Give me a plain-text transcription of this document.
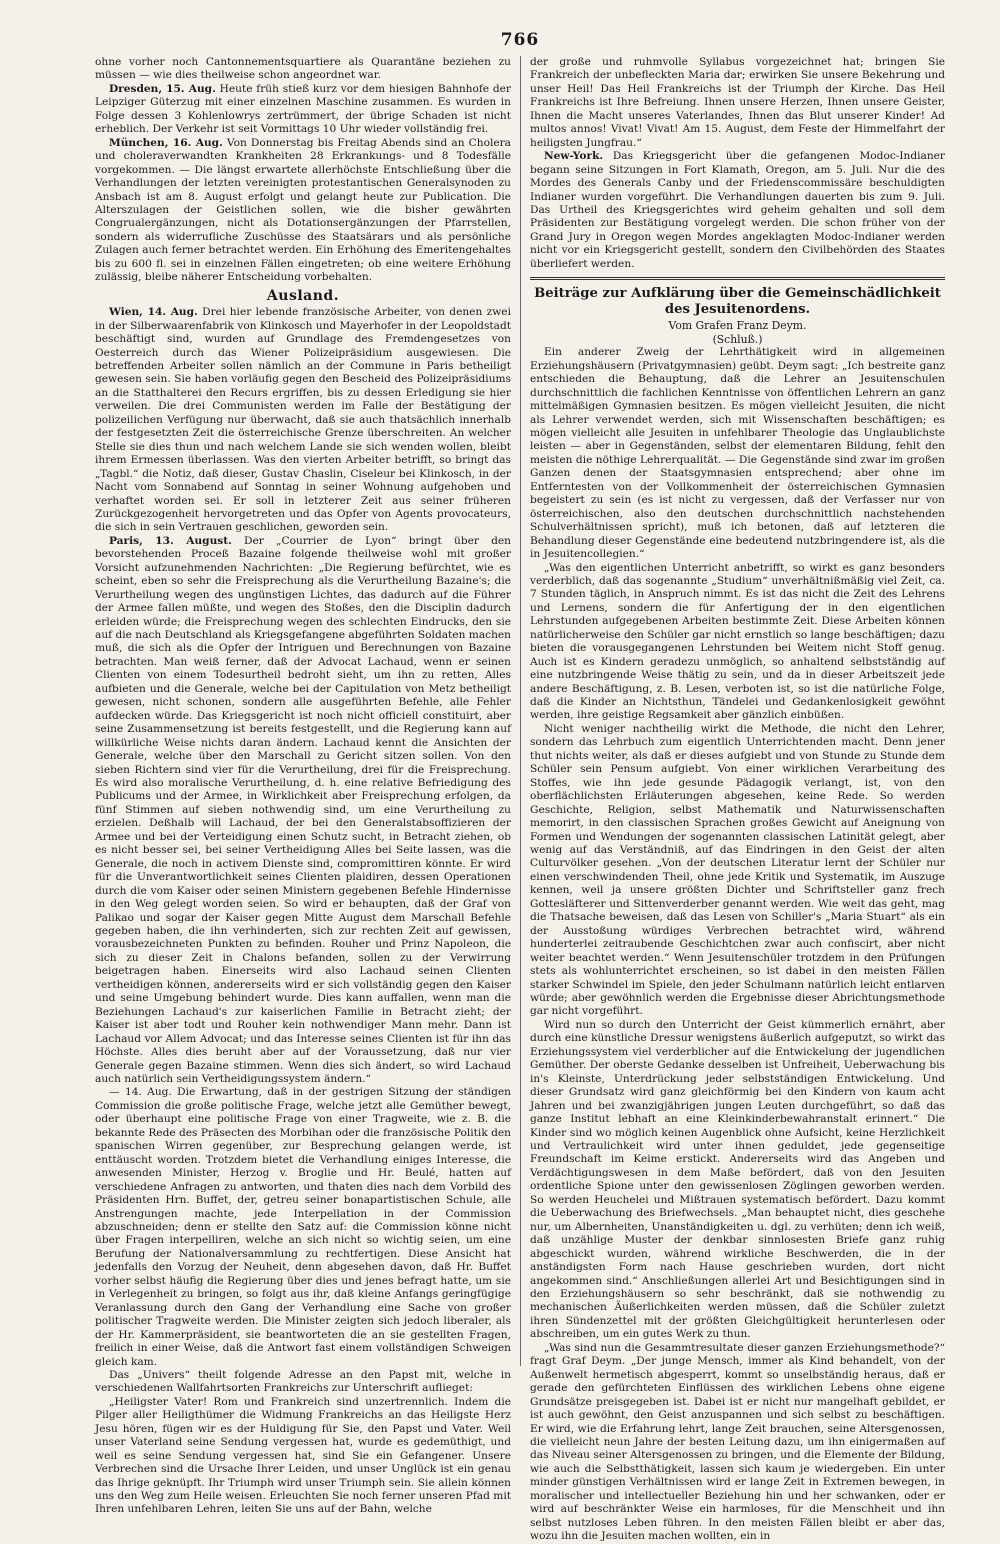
766

ohne vorher noch Cantonnementsquartiere als Quarantäne beziehen zu müssen — wie dies theilweise schon angeordnet war.

Dresden, 15. Aug. Heute früh stieß kurz vor dem hiesigen Bahnhofe der Leipziger Güterzug mit einer einzelnen Maschine zusammen. Es wurden in Folge dessen 3 Kohlenlowrys zertrümmert, der übrige Schaden ist nicht erheblich. Der Verkehr ist seit Vormittags 10 Uhr wieder vollständig frei.

München, 16. Aug. Von Donnerstag bis Freitag Abends sind an Cholera und choleraverwandten Krankheiten 28 Erkrankungs- und 8 Todesfälle vorgekommen. — Die längst erwartete allerhöchste Entschließung über die Verhandlungen der letzten vereinigten protestantischen Generalsynoden zu Ansbach ist am 8. August erfolgt und gelangt heute zur Publication. Die Alterszulagen der Geistlichen sollen, wie die bisher gewährten Congrualergänzungen, nicht als Dotationsergänzungen der Pfarrstellen, sondern als widerrufliche Zuschüsse des Staatsärars und als persönliche Zulagen auch ferner betrachtet werden. Ein Erhöhung des Emeritengehaltes bis zu 600 fl. sei in einzelnen Fällen eingetreten; ob eine weitere Erhöhung zulässig, bleibe näherer Entscheidung vorbehalten.

Ausland.

Wien, 14. Aug. Drei hier lebende französische Arbeiter, von denen zwei in der Silberwaarenfabrik von Klinkosch und Mayerhofer in der Leopoldstadt beschäftigt sind, wurden auf Grundlage des Fremdengesetzes von Oesterreich durch das Wiener Polizeipräsidium ausgewiesen. Die betreffenden Arbeiter sollen nämlich an der Commune in Paris betheiligt gewesen sein. Sie haben vorläufig gegen den Bescheid des Polizeipräsidiums an die Statthalterei den Recurs ergriffen, bis zu dessen Erledigung sie hier verweilen. Die drei Communisten werden im Falle der Bestätigung der polizeilichen Verfügung nur überwacht, daß sie auch thatsächlich innerhalb der festgesetzten Zeit die österreichische Grenze überschreiten. An welcher Stelle sie dies thun und nach welchem Lande sie sich wenden wollen, bleibt ihrem Ermessen überlassen. Was den vierten Arbeiter betrifft, so bringt das „Tagbl.“ die Notiz, daß dieser, Gustav Chaslin, Ciseleur bei Klinkosch, in der Nacht vom Sonnabend auf Sonntag in seiner Wohnung aufgehoben und verhaftet worden sei. Er soll in letzterer Zeit aus seiner früheren Zurückgezogenheit hervorgetreten und das Opfer von Agents provocateurs, die sich in sein Vertrauen geschlichen, geworden sein.

Paris, 13. August. Der „Courrier de Lyon“ bringt über den bevorstehenden Proceß Bazaine folgende theilweise wohl mit großer Vorsicht aufzunehmenden Nachrichten: „Die Regierung befürchtet, wie es scheint, eben so sehr die Freisprechung als die Verurtheilung Bazaine's; die Verurtheilung wegen des ungünstigen Lichtes, das dadurch auf die Führer der Armee fallen müßte, und wegen des Stoßes, den die Disciplin dadurch erleiden würde; die Freisprechung wegen des schlechten Eindrucks, den sie auf die nach Deutschland als Kriegsgefangene abgeführten Soldaten machen muß, die sich als die Opfer der Intriguen und Berechnungen von Bazaine betrachten. Man weiß ferner, daß der Advocat Lachaud, wenn er seinen Clienten von einem Todesurtheil bedroht sieht, um ihn zu retten, Alles aufbieten und die Generale, welche bei der Capitulation von Metz betheiligt gewesen, nicht schonen, sondern alle ausgeführten Befehle, alle Fehler aufdecken würde. Das Kriegsgericht ist noch nicht officiell constituirt, aber seine Zusammensetzung ist bereits festgestellt, und die Regierung kann auf willkürliche Weise nichts daran ändern. Lachaud kennt die Ansichten der Generale, welche über den Marschall zu Gericht sitzen sollen. Von den sieben Richtern sind vier für die Verurtheilung, drei für die Freisprechung. Es wird also moralische Verurtheilung, d. h. eine relative Befriedigung des Publicums und der Armee, in Wirklichkeit aber Freisprechung erfolgen, da fünf Stimmen auf sieben nothwendig sind, um eine Verurtheilung zu erzielen. Deßhalb will Lachaud, der bei den Generalstabsoffizieren der Armee und bei der Verteidigung einen Schutz sucht, in Betracht ziehen, ob es nicht besser sei, bei seiner Vertheidigung Alles bei Seite lassen, was die Generale, die noch in activem Dienste sind, compromittiren könnte. Er wird für die Unverantwortlichkeit seines Clienten plaidiren, dessen Operationen durch die vom Kaiser oder seinen Ministern gegebenen Befehle Hindernisse in den Weg gelegt worden seien. So wird er behaupten, daß der Graf von Palikao und sogar der Kaiser gegen Mitte August dem Marschall Befehle gegeben haben, die ihn verhinderten, sich zur rechten Zeit auf gewissen, vorausbezeichneten Punkten zu befinden. Rouher und Prinz Napoleon, die sich zu dieser Zeit in Chalons befanden, sollen zu der Verwirrung beigetragen haben. Einerseits wird also Lachaud seinen Clienten vertheidigen können, andererseits wird er sich vollständig gegen den Kaiser und seine Umgebung behindert wurde. Dies kann auffallen, wenn man die Beziehungen Lachaud's zur kaiserlichen Familie in Betracht zieht; der Kaiser ist aber todt und Rouher kein nothwendiger Mann mehr. Dann ist Lachaud vor Allem Advocat; und das Interesse seines Clienten ist für ihn das Höchste. Alles dies beruht aber auf der Voraussetzung, daß nur vier Generale gegen Bazaine stimmen. Wenn dies sich ändert, so wird Lachaud auch natürlich sein Vertheidigungssystem ändern.“

— 14. Aug. Die Erwartung, daß in der gestrigen Sitzung der ständigen Commission die große politische Frage, welche jetzt alle Gemüther bewegt, oder überhaupt eine politische Frage von einer Tragweite, wie z. B. die bekannte Rede des Präsecten des Morbihan oder die französische Politik den spanischen Wirren gegenüber, zur Besprechung gelangen werde, ist enttäuscht worden. Trotzdem bietet die Verhandlung einiges Interesse, die anwesenden Minister, Herzog v. Broglie und Hr. Beulé, hatten auf verschiedene Anfragen zu antworten, und thaten dies nach dem Vorbild des Präsidenten Hrn. Buffet, der, getreu seiner bonapartistischen Schule, alle Anstrengungen machte, jede Interpellation in der Commission abzuschneiden; denn er stellte den Satz auf: die Commission könne nicht über Fragen interpelliren, welche an sich nicht so wichtig seien, um eine Berufung der Nationalversammlung zu rechtfertigen. Diese Ansicht hat jedenfalls den Vorzug der Neuheit, denn abgesehen davon, daß Hr. Buffet vorher selbst häufig die Regierung über dies und jenes befragt hatte, um sie in Verlegenheit zu bringen, so folgt aus ihr, daß kleine Anfangs geringfügige Veranlassung durch den Gang der Verhandlung eine Sache von großer politischer Tragweite werden. Die Minister zeigten sich jedoch liberaler, als der Hr. Kammerpräsident, sie beantworteten die an sie gestellten Fragen, freilich in einer Weise, daß die Antwort fast einem vollständigen Schweigen gleich kam.

Das „Univers“ theilt folgende Adresse an den Papst mit, welche in verschiedenen Wallfahrtsorten Frankreichs zur Unterschrift auflieget:

„Heiligster Vater! Rom und Frankreich sind unzertrennlich. Indem die Pilger aller Heiligthümer die Widmung Frankreichs an das Heiligste Herz Jesu hören, fügen wir es der Huldigung für Sie, den Papst und Vater. Weil unser Vaterland seine Sendung vergessen hat, wurde es gedemüthigt, und weil es seine Sendung vergessen hat, sind Sie ein Gefangener. Unsere Verbrechen sind die Ursache Ihrer Leiden, und unser Unglück ist ein genau das Ihrige geknüpft. Ihr Triumph wird unser Triumph sein. Sie allein können uns den Weg zum Heile weisen. Erleuchten Sie noch ferner unseren Pfad mit Ihren unfehlbaren Lehren, leiten Sie uns auf der Bahn, welche

der große und ruhmvolle Syllabus vorgezeichnet hat; bringen Sie Frankreich der unbefleckten Maria dar; erwirken Sie unsere Bekehrung und unser Heil! Das Heil Frankreichs ist der Triumph der Kirche. Das Heil Frankreichs ist Ihre Befreiung. Ihnen unsere Herzen, Ihnen unsere Geister, Ihnen die Macht unseres Vaterlandes, Ihnen das Blut unserer Kinder! Ad multos annos! Vivat! Vivat! Am 15. August, dem Feste der Himmelfahrt der heiligsten Jungfrau.“

New-York. Das Kriegsgericht über die gefangenen Modoc-Indianer begann seine Sitzungen in Fort Klamath, Oregon, am 5. Juli. Nur die des Mordes des Generals Canby und der Friedenscommissäre beschuldigten Indianer wurden vorgeführt. Die Verhandlungen dauerten bis zum 9. Juli. Das Urtheil des Kriegsgerichtes wird geheim gehalten und soll dem Präsidenten zur Bestätigung vorgelegt werden. Die schon früher von der Grand Jury in Oregon wegen Mordes angeklagten Modoc-Indianer werden nicht vor ein Kriegsgericht gestellt, sondern den Civilbehörden des Staates überliefert werden.

Beiträge zur Aufklärung über die Gemeinschädlichkeit des Jesuitenordens.
Vom Grafen Franz Deym.
(Schluß.)

Ein anderer Zweig der Lehrthätigkeit wird in allgemeinen Erziehungshäusern (Privatgymnasien) geübt. Deym sagt: „Ich bestreite ganz entschieden die Behauptung, daß die Lehrer an Jesuitenschulen durchschnittlich die fachlichen Kenntnisse von öffentlichen Lehrern an ganz mittelmäßigen Gymnasien besitzen. Es mögen vielleicht Jesuiten, die nicht als Lehrer verwendet werden, sich mit Wissenschaften beschäftigen; es mögen vielleicht alle Jesuiten in unfehlbarer Theologie das Unglaublichste leisten — aber in Gegenständen, selbst der elementaren Bildung, fehlt den meisten die nöthige Lehrerqualität. — Die Gegenstände sind zwar im großen Ganzen denen der Staatsgymnasien entsprechend; aber ohne im Entferntesten von der Vollkommenheit der österreichischen Gymnasien begeistert zu sein (es ist nicht zu vergessen, daß der Verfasser nur von österreichischen, also den deutschen durchschnittlich nachstehenden Schulverhältnissen spricht), muß ich betonen, daß auf letzteren die Behandlung dieser Gegenstände eine bedeutend nutzbringendere ist, als die in Jesuitencollegien.“

„Was den eigentlichen Unterricht anbetrifft, so wirkt es ganz besonders verderblich, daß das sogenannte „Studium“ unverhältnißmäßig viel Zeit, ca. 7 Stunden täglich, in Anspruch nimmt. Es ist das nicht die Zeit des Lehrens und Lernens, sondern die für Anfertigung der in den eigentlichen Lehrstunden aufgegebenen Arbeiten bestimmte Zeit. Diese Arbeiten können natürlicherweise den Schüler gar nicht ernstlich so lange beschäftigen; dazu bieten die vorausgegangenen Lehrstunden bei Weitem nicht Stoff genug. Auch ist es Kindern geradezu unmöglich, so anhaltend selbstständig auf eine nutzbringende Weise thätig zu sein, und da in dieser Arbeitszeit jede andere Beschäftigung, z. B. Lesen, verboten ist, so ist die natürliche Folge, daß die Kinder an Nichtsthun, Tändelei und Gedankenlosigkeit gewöhnt werden, ihre geistige Regsamkeit aber gänzlich einbüßen.

Nicht weniger nachtheilig wirkt die Methode, die nicht den Lehrer, sondern das Lehrbuch zum eigentlich Unterrichtenden macht. Denn jener thut nichts weiter, als daß er dieses aufgiebt und von Stunde zu Stunde dem Schüler sein Pensum aufgiebt. Von einer wirklichen Verarbeitung des Stoffes, wie ihn jede gesunde Pädagogik verlangt, ist, von den oberflächlichsten Erläuterungen abgesehen, keine Rede. So werden Geschichte, Religion, selbst Mathematik und Naturwissenschaften memorirt, in den classischen Sprachen großes Gewicht auf Aneignung von Formen und Wendungen der sogenannten classischen Latinität gelegt, aber wenig auf das Verständniß, auf das Eindringen in den Geist der alten Culturvölker gesehen. „Von der deutschen Literatur lernt der Schüler nur einen verschwindenden Theil, ohne jede Kritik und Systematik, im Auszuge kennen, weil ja unsere größten Dichter und Schriftsteller ganz frech Gottesläfterer und Sittenverderber genannt werden. Wie weit das geht, mag die Thatsache beweisen, daß das Lesen von Schiller's „Maria Stuart“ als ein der Ausstoßung würdiges Verbrechen betrachtet wird, während hunderterlei zeitraubende Geschichtchen zwar auch confiscirt, aber nicht weiter beachtet werden.“ Wenn Jesuitenschüler trotzdem in den Prüfungen stets als wohlunterrichtet erscheinen, so ist dabei in den meisten Fällen starker Schwindel im Spiele, den jeder Schulmann natürlich leicht entlarven würde; aber gewöhnlich werden die Ergebnisse dieser Abrichtungsmethode gar nicht vorgeführt.

Wird nun so durch den Unterricht der Geist kümmerlich ernährt, aber durch eine künstliche Dressur wenigstens äußerlich aufgeputzt, so wirkt das Erziehungssystem viel verderblicher auf die Entwickelung der jugendlichen Gemüther. Der oberste Gedanke desselben ist Unfreiheit, Ueberwachung bis in's Kleinste, Unterdrückung jeder selbstständigen Entwickelung. Und dieser Grundsatz wird ganz gleichförmig bei den Kindern von kaum acht Jahren und bei zwanzigjährigen jungen Leuten durchgeführt, so daß das ganze Institut lebhaft an eine Kleinkinderbewahranstalt erinnert.“ Die Kinder sind wo möglich keinen Augenblick ohne Aufsicht, keine Herzlichkeit und Vertraulichkeit wird unter ihnen geduldet, jede gegenseitige Freundschaft im Keime erstickt. Andererseits wird das Angeben und Verdächtigungswesen in dem Maße befördert, daß von den Jesuiten ordentliche Spione unter den gewissenlosen Zöglingen geworben werden. So werden Heuchelei und Mißtrauen systematisch befördert. Dazu kommt die Ueberwachung des Briefwechsels. „Man behauptet nicht, dies geschehe nur, um Albernheiten, Unanständigkeiten u. dgl. zu verhüten; denn ich weiß, daß unzählige Muster der denkbar sinnlosesten Briefe ganz ruhig abgeschickt wurden, während wirkliche Beschwerden, die in der anständigsten Form nach Hause geschrieben wurden, dort nicht angekommen sind.“ Anschließungen allerlei Art und Besichtigungen sind in den Erziehungshäusern so sehr beschränkt, daß sie nothwendig zu mechanischen Äußerlichkeiten werden müssen, daß die Schüler zuletzt ihren Sündenzettel mit der größten Gleichgültigkeit herunterlesen oder abschreiben, um ein gutes Werk zu thun.

„Was sind nun die Gesammtresultate dieser ganzen Erziehungsmethode?“ fragt Graf Deym. „Der junge Mensch, immer als Kind behandelt, von der Außenwelt hermetisch abgesperrt, kommt so unselbständig heraus, daß er gerade den gefürchteten Einflüssen des wirklichen Lebens ohne eigene Grundsätze preisgegeben ist. Dabei ist er nicht nur mangelhaft gebildet, er ist auch gewöhnt, den Geist anzuspannen und sich selbst zu beschäftigen. Er wird, wie die Erfahrung lehrt, lange Zeit brauchen, seine Altersgenossen, die vielleicht neun Jahre der besten Leitung dazu, um ihn einigermaßen auf das Niveau seiner Altersgenossen zu bringen, und die Elemente der Bildung, wie auch die Selbstthätigkeit, lassen sich kaum je wiedergeben. Ein unter minder günstigen Verhältnissen wird er lange Zeit in Extremen bewegen, in moralischer und intellectueller Beziehung hin und her schwanken, oder er wird auf beschränkter Weise ein harmloses, für die Menschheit und ihn selbst nutzloses Leben führen. In den meisten Fällen bleibt er aber das, wozu ihn die Jesuiten machen wollten, ein in
